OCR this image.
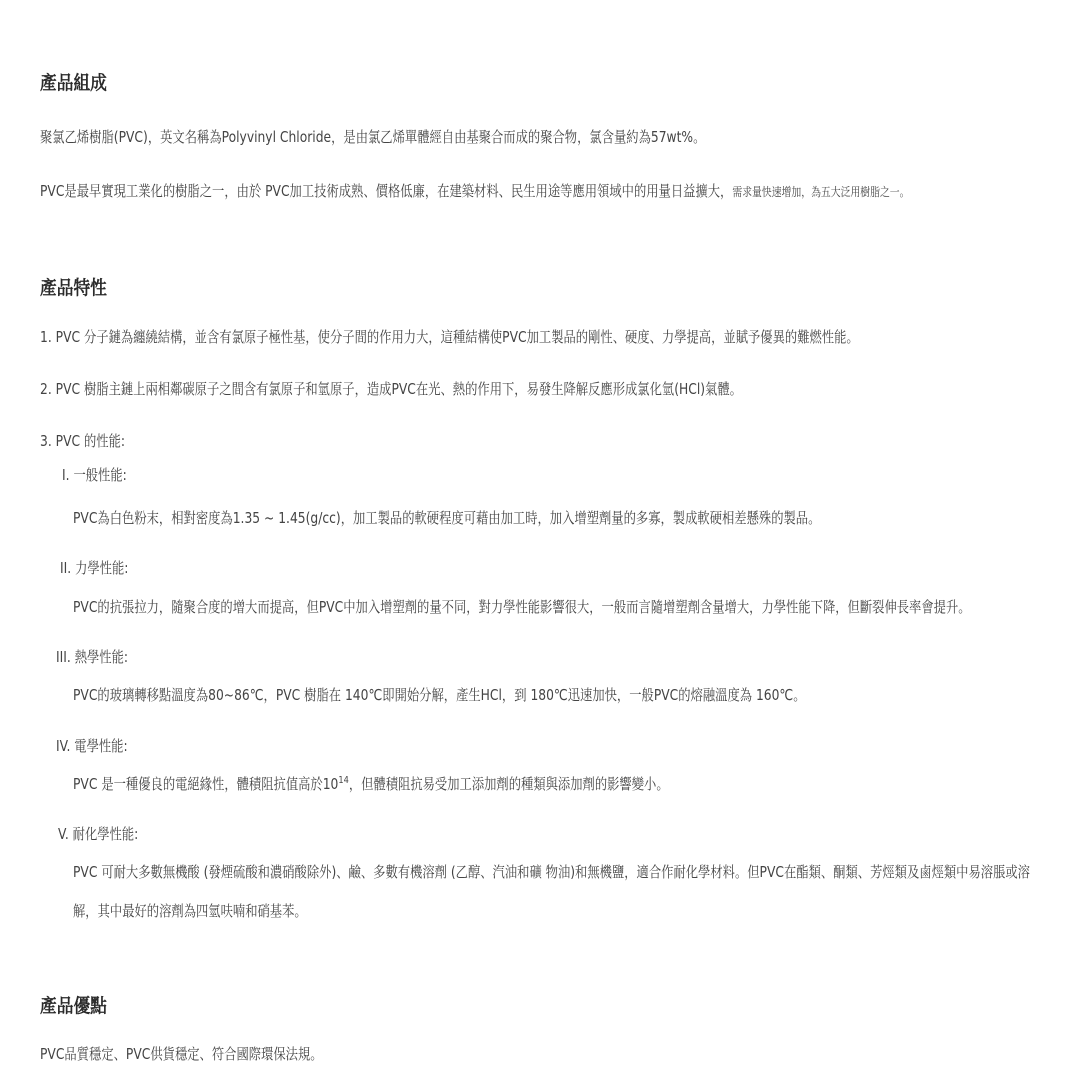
產品組成
聚氯乙烯樹脂(PVC)，英文名稱為Polyvinyl Chloride，是由氯乙烯單體經自由基聚合而成的聚合物，氯含量約為57wt%。
PVC是最早實現工業化的樹脂之一，由於 PVC加工技術成熟、價格低廉，在建築材料、民生用途等應用領域中的用量日益擴大，需求量快速增加，為五大泛用樹脂之一。
產品特性
1. PVC 分子鏈為纏繞結構，並含有氯原子極性基，使分子間的作用力大，這種結構使PVC加工製品的剛性、硬度、力學提高，並賦予優異的難燃性能。
2. PVC 樹脂主鏈上兩相鄰碳原子之間含有氯原子和氫原子，造成PVC在光、熱的作用下，易發生降解反應形成氯化氫(HCl)氣體。
3. PVC 的性能:
I. 一般性能:
PVC為白色粉末，相對密度為1.35 ~ 1.45(g/cc)，加工製品的軟硬程度可藉由加工時，加入增塑劑量的多寡，製成軟硬相差懸殊的製品。
II. 力學性能:
PVC的抗張拉力，隨聚合度的增大而提高，但PVC中加入增塑劑的量不同，對力學性能影響很大，一般而言隨增塑劑含量增大，力學性能下降，但斷裂伸長率會提升。
III. 熱學性能:
PVC的玻璃轉移點溫度為80~86℃，PVC 樹脂在 140℃即開始分解，產生HCl，到 180℃迅速加快，一般PVC的熔融溫度為 160℃。
IV. 電學性能:
PVC 是一種優良的電絕緣性，體積阻抗值高於$10^{14}$，但體積阻抗易受加工添加劑的種類與添加劑的影響變小。
V. 耐化學性能:
PVC 可耐大多數無機酸 (發煙硫酸和濃硝酸除外)、鹼、多數有機溶劑 (乙醇、汽油和礦 物油)和無機鹽，適合作耐化學材料。但PVC在酯類、酮類、芳烴類及鹵烴類中易溶脹或溶
解，其中最好的溶劑為四氫呋喃和硝基苯。
產品優點
PVC品質穩定、PVC供貨穩定、符合國際環保法規。
